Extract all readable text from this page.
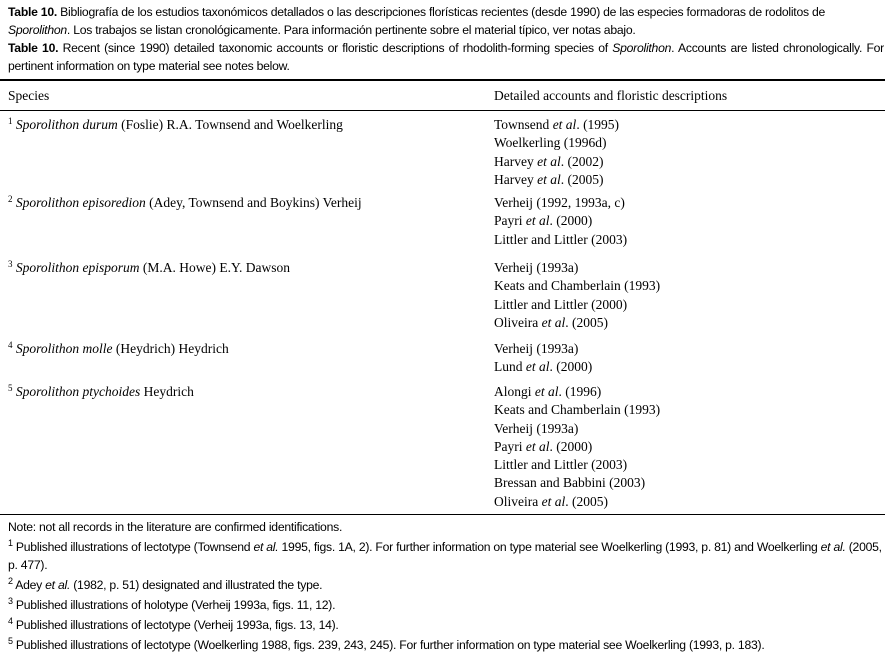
Table 10. Bibliografía de los estudios taxonómicos detallados o las descripciones florísticas recientes (desde 1990) de las especies formadoras de rodolitos de Sporolithon. Los trabajos se listan cronológicamente. Para información pertinente sobre el material típico, ver notas abajo.
Table 10. Recent (since 1990) detailed taxonomic accounts or floristic descriptions of rhodolith-forming species of Sporolithon. Accounts are listed chronologically. For pertinent information on type material see notes below.
Species	Detailed accounts and floristic descriptions
$^1$ Sporolithon durum (Foslie) R.A. Townsend and Woelkerling	Townsend et al. (1995)
Woelkerling (1996d)
Harvey et al. (2002)
Harvey et al. (2005)
$^2$ Sporolithon episoredion (Adey, Townsend and Boykins) Verheij	Verheij (1992, 1993a, c)
Payri et al. (2000)
Littler and Littler (2003)
$^3$ Sporolithon episporum (M.A. Howe) E.Y. Dawson	Verheij (1993a)
Keats and Chamberlain (1993)
Littler and Littler (2000)
Oliveira et al. (2005)
$^4$ Sporolithon molle (Heydrich) Heydrich	Verheij (1993a)
Lund et al. (2000)
$^5$ Sporolithon ptychoides Heydrich	Alongi et al. (1996)
Keats and Chamberlain (1993)
Verheij (1993a)
Payri et al. (2000)
Littler and Littler (2003)
Bressan and Babbini (2003)
Oliveira et al. (2005)
Note: not all records in the literature are confirmed identifications.
$^1$ Published illustrations of lectotype (Townsend et al. 1995, figs. 1A, 2). For further information on type material see Woelkerling (1993, p. 81) and Woelkerling et al. (2005, p. 477).
$^2$ Adey et al. (1982, p. 51) designated and illustrated the type.
$^3$ Published illustrations of holotype (Verheij 1993a, figs. 11, 12).
$^4$ Published illustrations of lectotype (Verheij 1993a, figs. 13, 14).
$^5$ Published illustrations of lectotype (Woelkerling 1988, figs. 239, 243, 245). For further information on type material see Woelkerling (1993, p. 183).
